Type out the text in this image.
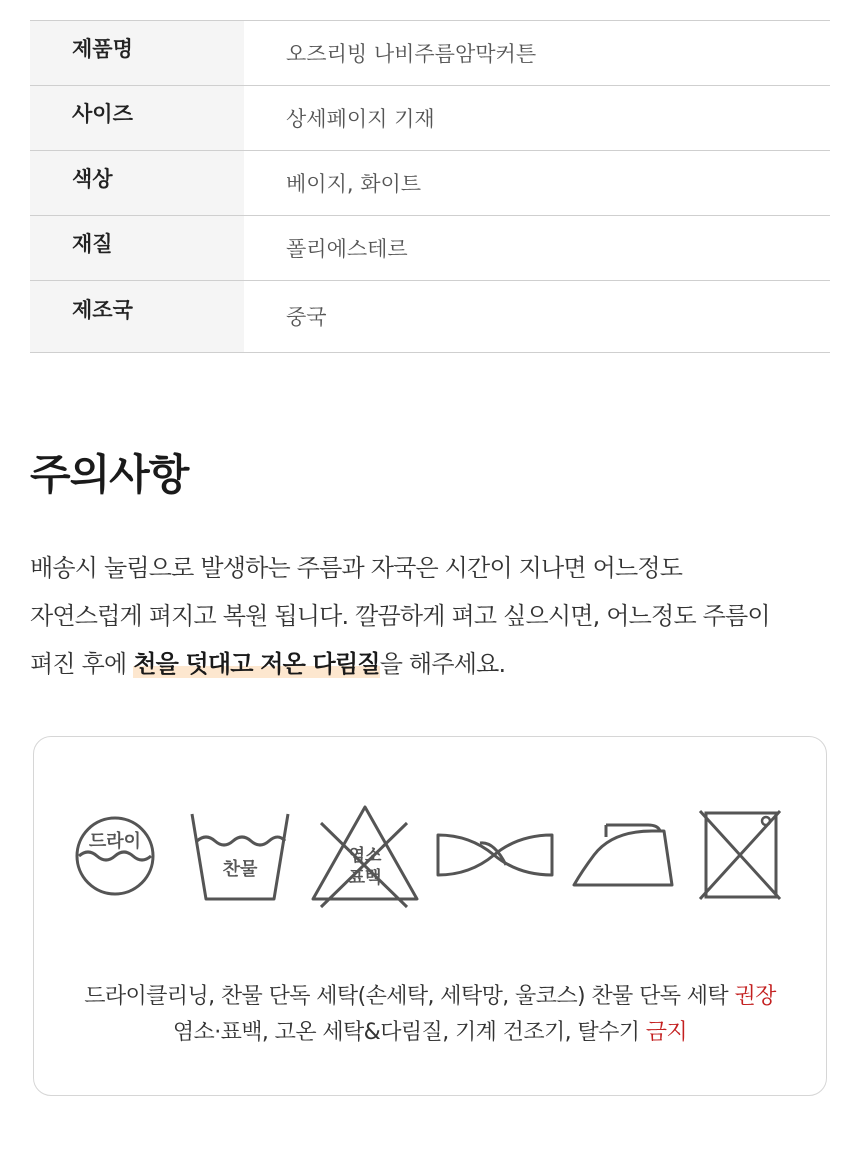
제품명	오즈리빙 나비주름암막커튼
사이즈	상세페이지 기재
색상	베이지, 화이트
재질	폴리에스테르
제조국	중국
주의사항

배송시 눌림으로 발생하는 주름과 자국은 시간이 지나면 어느정도

자연스럽게 펴지고 복원 됩니다. 깔끔하게 펴고 싶으시면, 어느정도 주름이

펴진 후에 천을 덧대고 저온 다림질을 해주세요.

드라이
찬물
염소
표백

드라이클리닝, 찬물 단독 세탁(손세탁, 세탁망, 울코스) 찬물 단독 세탁 권장

염소·표백, 고온 세탁&다림질, 기계 건조기, 탈수기 금지
